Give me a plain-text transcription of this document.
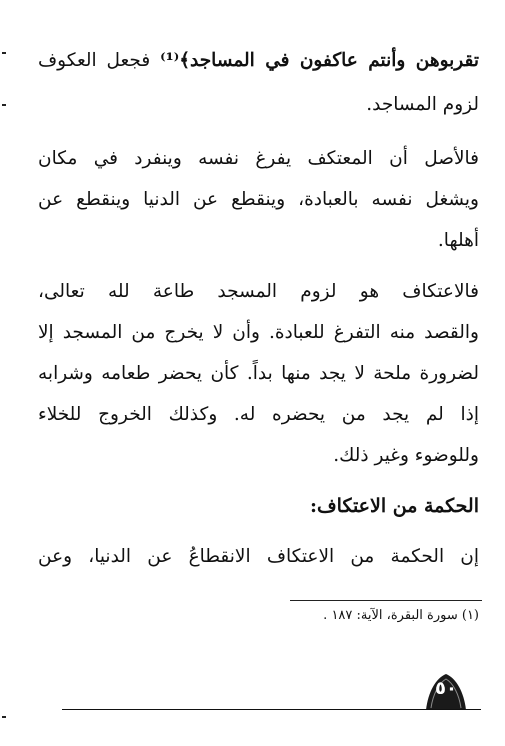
تقربوهن وأنتم عاكفون في المساجد﴾⁽¹⁾ فجعل العكوف
لزوم المساجد.
فالأصل أن المعتكف يفرغ نفسه وينفرد في مكان
ويشغل نفسه بالعبادة، وينقطع عن الدنيا وينقطع عن
أهلها.
فالاعتكاف هو لزوم المسجد طاعة لله تعالى،
والقصد منه التفرغ للعبادة. وأن لا يخرج من المسجد إلا
لضرورة ملحة لا يجد منها بداً. كأن يحضر طعامه وشرابه
إذا لم يجد من يحضره له. وكذلك الخروج للخلاء
وللوضوء وغير ذلك.
الحكمة من الاعتكاف:
إن الحكمة من الاعتكاف الانقطاعُ عن الدنيا، وعن
(١) سورة البقرة، الآية: ١٨٧ .
٥٠
